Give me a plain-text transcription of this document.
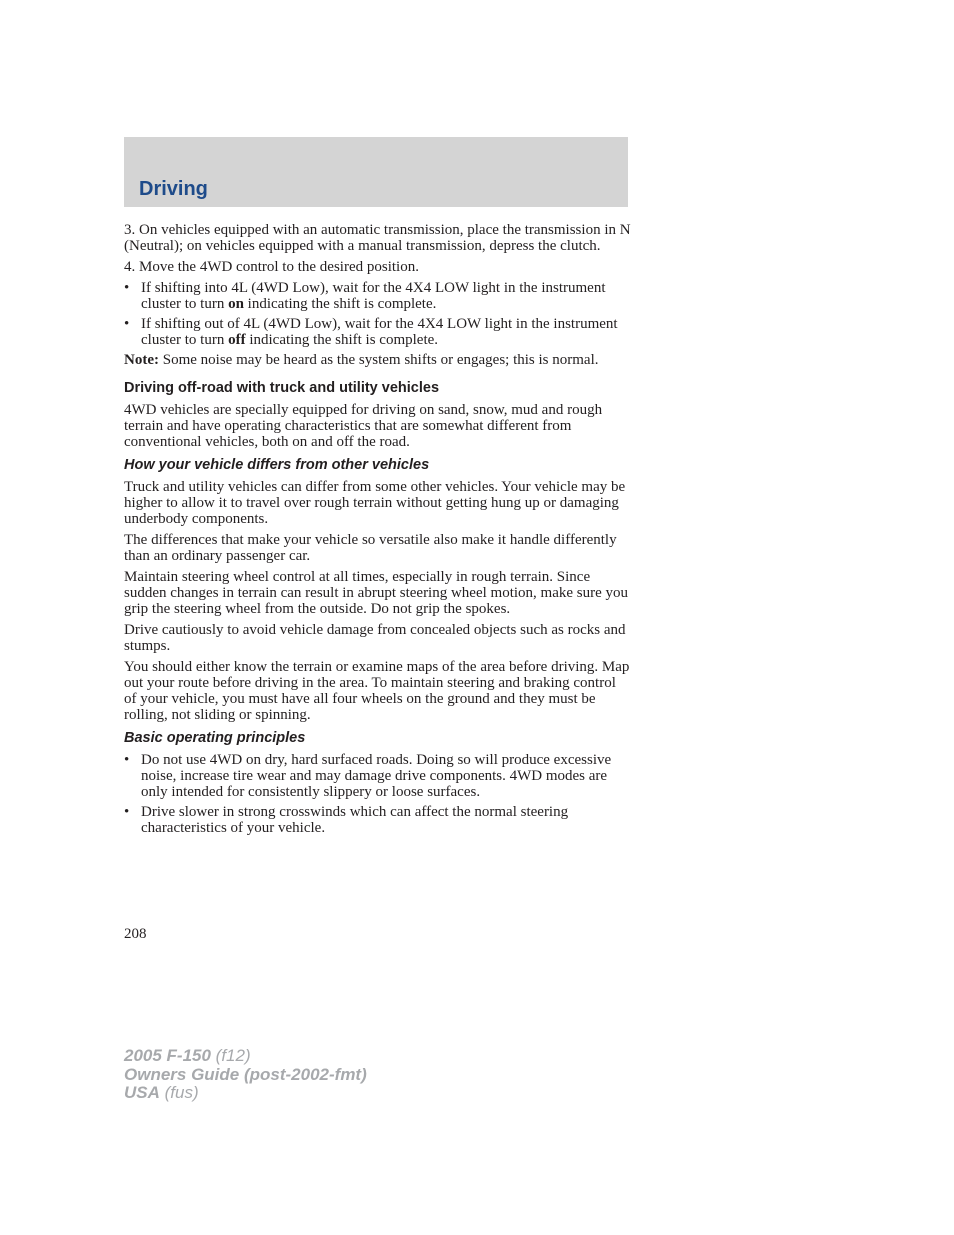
Driving

3. On vehicles equipped with an automatic transmission, place the transmission in N (Neutral); on vehicles equipped with a manual transmission, depress the clutch.

4. Move the 4WD control to the desired position.

• If shifting into 4L (4WD Low), wait for the 4X4 LOW light in the instrument cluster to turn on indicating the shift is complete.
• If shifting out of 4L (4WD Low), wait for the 4X4 LOW light in the instrument cluster to turn off indicating the shift is complete.

Note: Some noise may be heard as the system shifts or engages; this is normal.

Driving off-road with truck and utility vehicles

4WD vehicles are specially equipped for driving on sand, snow, mud and rough terrain and have operating characteristics that are somewhat different from conventional vehicles, both on and off the road.

How your vehicle differs from other vehicles

Truck and utility vehicles can differ from some other vehicles. Your vehicle may be higher to allow it to travel over rough terrain without getting hung up or damaging underbody components.

The differences that make your vehicle so versatile also make it handle differently than an ordinary passenger car.

Maintain steering wheel control at all times, especially in rough terrain. Since sudden changes in terrain can result in abrupt steering wheel motion, make sure you grip the steering wheel from the outside. Do not grip the spokes.

Drive cautiously to avoid vehicle damage from concealed objects such as rocks and stumps.

You should either know the terrain or examine maps of the area before driving. Map out your route before driving in the area. To maintain steering and braking control of your vehicle, you must have all four wheels on the ground and they must be rolling, not sliding or spinning.

Basic operating principles
• Do not use 4WD on dry, hard surfaced roads. Doing so will produce excessive noise, increase tire wear and may damage drive components. 4WD modes are only intended for consistently slippery or loose surfaces.
• Drive slower in strong crosswinds which can affect the normal steering characteristics of your vehicle.
208
2005 F-150 (f12)
Owners Guide (post-2002-fmt)
USA (fus)
